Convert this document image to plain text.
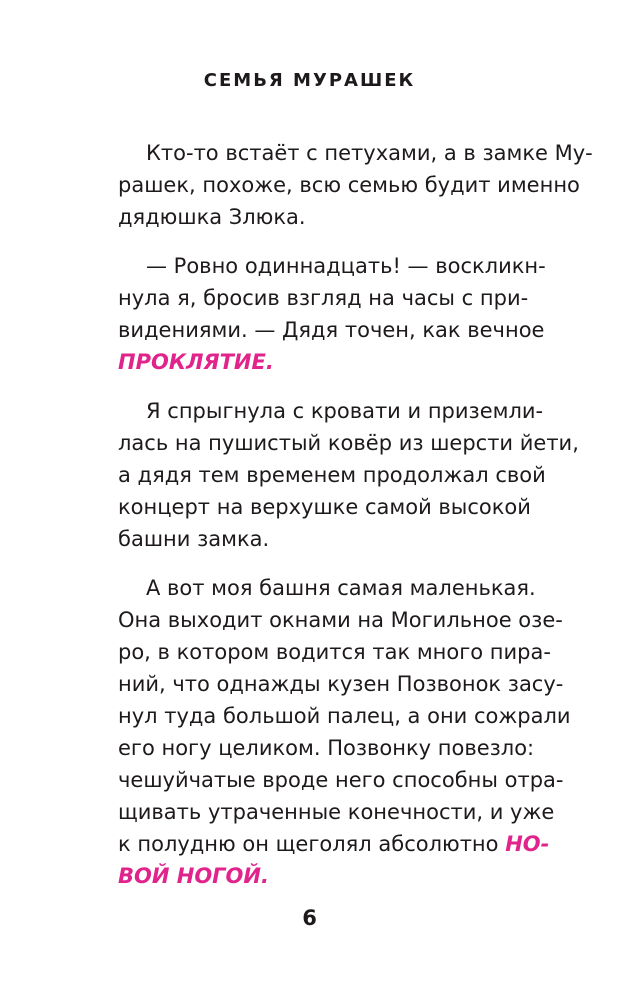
СЕМЬЯ МУРАШЕК
Кто-то встаёт с петухами, а в замке Му-
рашек, похоже, всю семью будит именно
дядюшка Злюка.
— Ровно одиннадцать! — воскликн-
нула я, бросив взгляд на часы с при-
видениями. — Дядя точен, как вечное
ПРОКЛЯТИЕ.
Я спрыгнула с кровати и приземли-
лась на пушистый ковёр из шерсти йети,
а дядя тем временем продолжал свой
концерт на верхушке самой высокой
башни замка.
А вот моя башня самая маленькая.
Она выходит окнами на Могильное озе-
ро, в котором водится так много пира-
ний, что однажды кузен Позвонок засу-
нул туда большой палец, а они сожрали
его ногу целиком. Позвонку повезло:
чешуйчатые вроде него способны отра-
щивать утраченные конечности, и уже
к полудню он щеголял абсолютно НО-
ВОЙ НОГОЙ.
6
